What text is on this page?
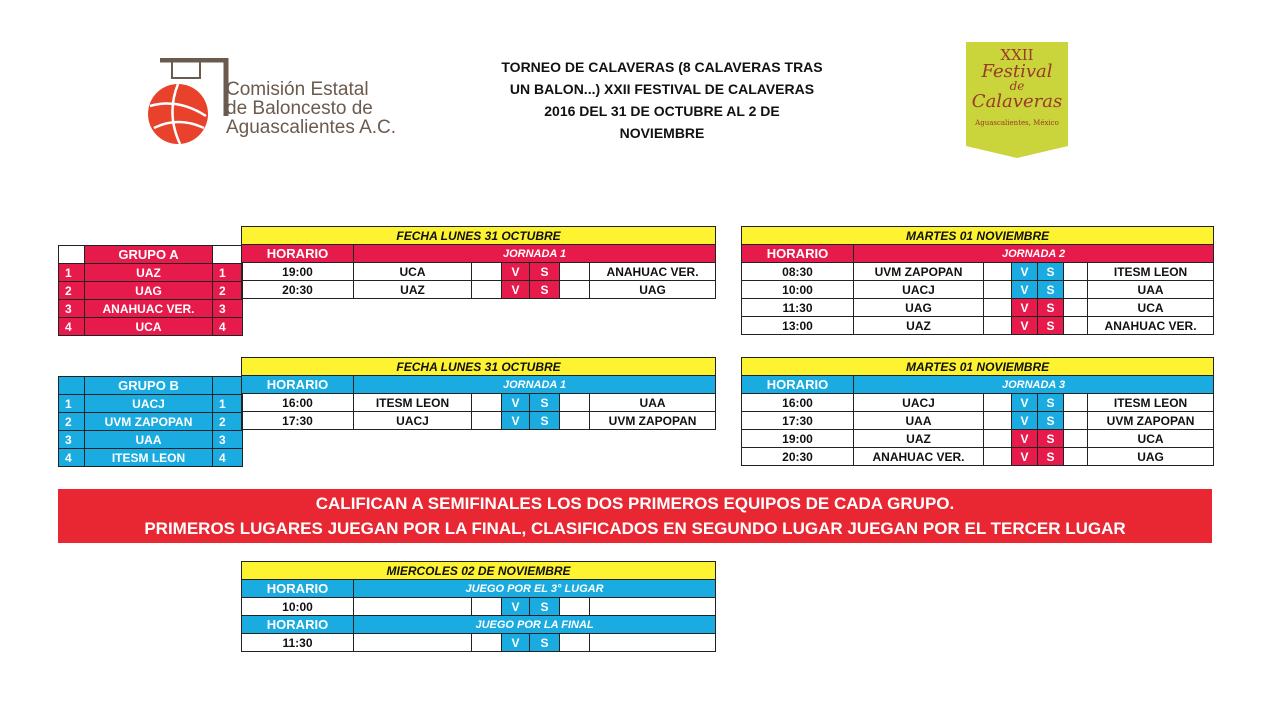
Comisión Estatal
de Baloncesto de
Aguascalientes A.C.
TORNEO DE CALAVERAS (8 CALAVERAS TRAS
UN BALON...) XXII FESTIVAL DE CALAVERAS
2016 DEL 31 DE OCTUBRE AL 2 DE
NOVIEMBRE
XXII
Festival
de
Calaveras
Aguascalientes, México
	GRUPO A	
1	UAZ	1
2	UAG	2
3	ANAHUAC VER.	3
4	UCA	4
FECHA LUNES 31 OCTUBRE						
HORARIO	JORNADA 1					
19:00	UCA		V	S		ANAHUAC VER.
20:30	UAZ		V	S		UAG
MARTES 01 NOVIEMBRE						
HORARIO	JORNADA 2					
08:30	UVM ZAPOPAN		V	S		ITESM LEON
10:00	UACJ		V	S		UAA
11:30	UAG		V	S		UCA
13:00	UAZ		V	S		ANAHUAC VER.
	GRUPO B	
1	UACJ	1
2	UVM ZAPOPAN	2
3	UAA	3
4	ITESM LEON	4
FECHA LUNES 31 OCTUBRE						
HORARIO	JORNADA 1					
16:00	ITESM LEON		V	S		UAA
17:30	UACJ		V	S		UVM ZAPOPAN
MARTES 01 NOVIEMBRE						
HORARIO	JORNADA 3					
16:00	UACJ		V	S		ITESM LEON
17:30	UAA		V	S		UVM ZAPOPAN
19:00	UAZ		V	S		UCA
20:30	ANAHUAC VER.		V	S		UAG
CALIFICAN A SEMIFINALES LOS DOS PRIMEROS EQUIPOS DE CADA GRUPO.
PRIMEROS LUGARES JUEGAN POR LA FINAL, CLASIFICADOS EN SEGUNDO LUGAR JUEGAN POR EL TERCER LUGAR
MIERCOLES 02 DE NOVIEMBRE						
HORARIO	JUEGO POR EL 3° LUGAR					
10:00			V	S		
HORARIO	JUEGO POR LA FINAL					
11:30			V	S		
